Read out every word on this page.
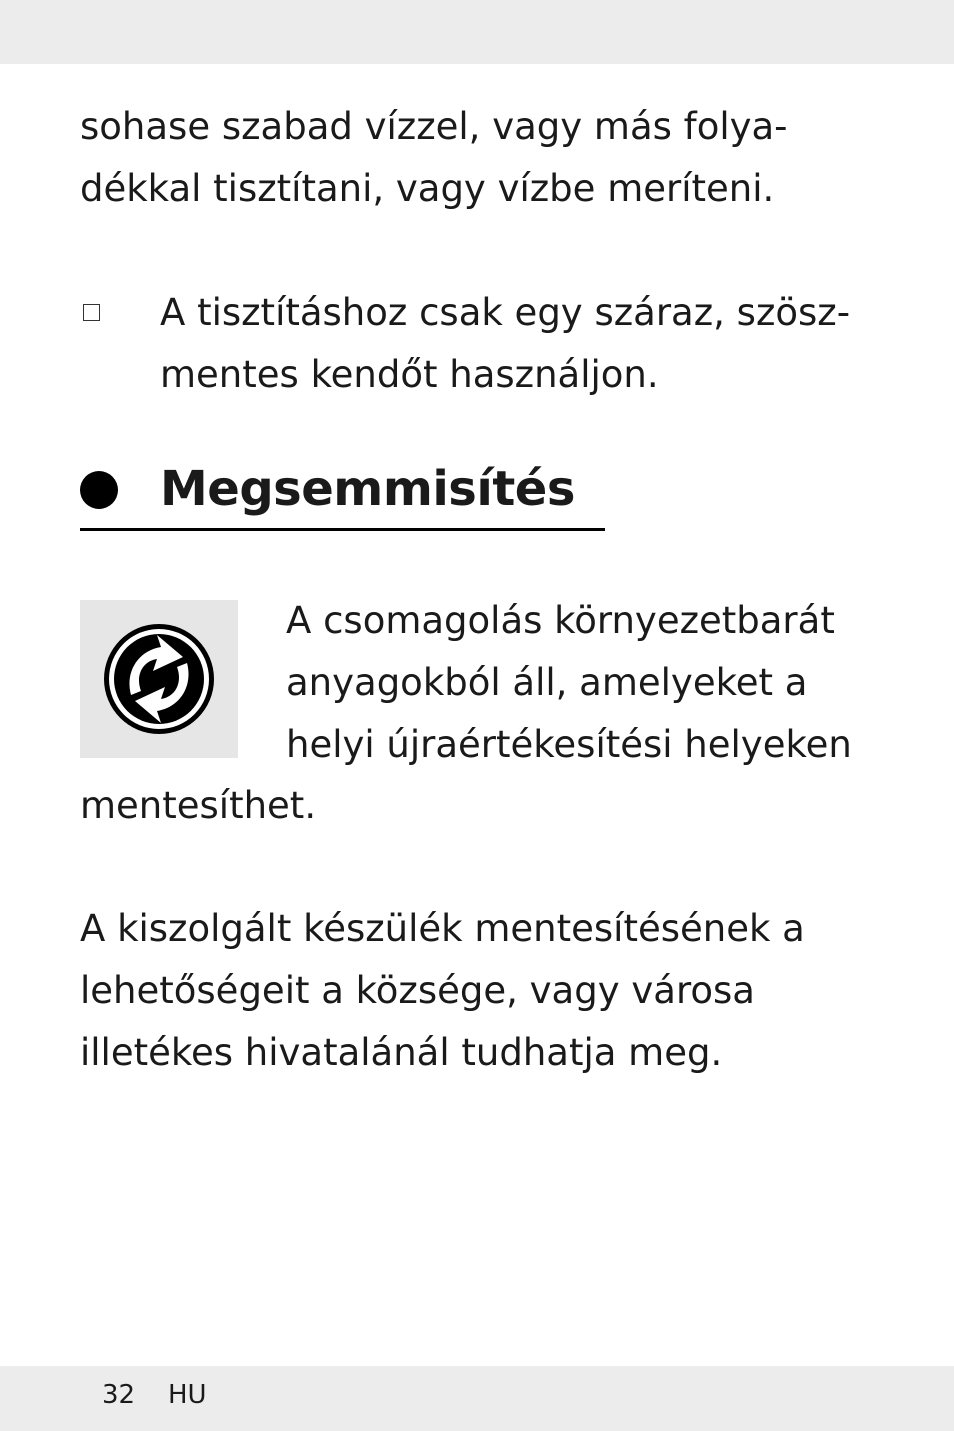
sohase szabad vízzel, vagy más folya-
dékkal tisztítani, vagy vízbe meríteni.

A tisztításhoz csak egy száraz, szösz-
mentes kendőt használjon.

Megsemmisítés

A csomagolás környezetbarát
anyagokból áll, amelyeket a
helyi újraértékesítési helyeken

mentesíthet.

A kiszolgált készülék mentesítésének a
lehetőségeit a községe, vagy városa
illetékes hivatalánál tudhatja meg.

32 HU
